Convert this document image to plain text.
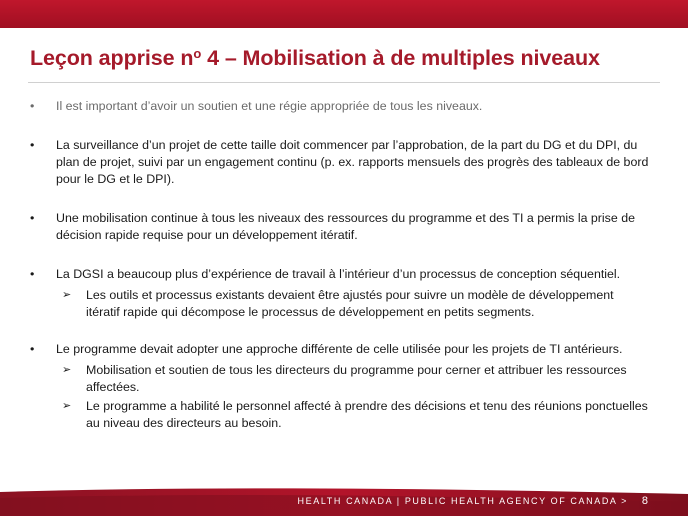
Leçon apprise $n^o$ 4 – Mobilisation à de multiples niveaux
• Il est important d’avoir un soutien et une régie appropriée de tous les niveaux.
• La surveillance d’un projet de cette taille doit commencer par l’approbation, de la part du DG et du DPI, du plan de projet, suivi par un engagement continu (p. ex. rapports mensuels des progrès des tableaux de bord pour le DG et le DPI).
• Une mobilisation continue à tous les niveaux des ressources du programme et des TI a permis la prise de décision rapide requise pour un développement itératif.
• La DGSI a beaucoup plus d’expérience de travail à l’intérieur d’un processus de conception séquentiel.
➢ Les outils et processus existants devaient être ajustés pour suivre un modèle de développement itératif rapide qui décompose le processus de développement en petits segments.
• Le programme devait adopter une approche différente de celle utilisée pour les projets de TI antérieurs.
➢ Mobilisation et soutien de tous les directeurs du programme pour cerner et attribuer les ressources affectées.
➢ Le programme a habilité le personnel affecté à prendre des décisions et tenu des réunions ponctuelles au niveau des directeurs au besoin.
HEALTH CANADA | PUBLIC HEALTH AGENCY OF CANADA > 8
